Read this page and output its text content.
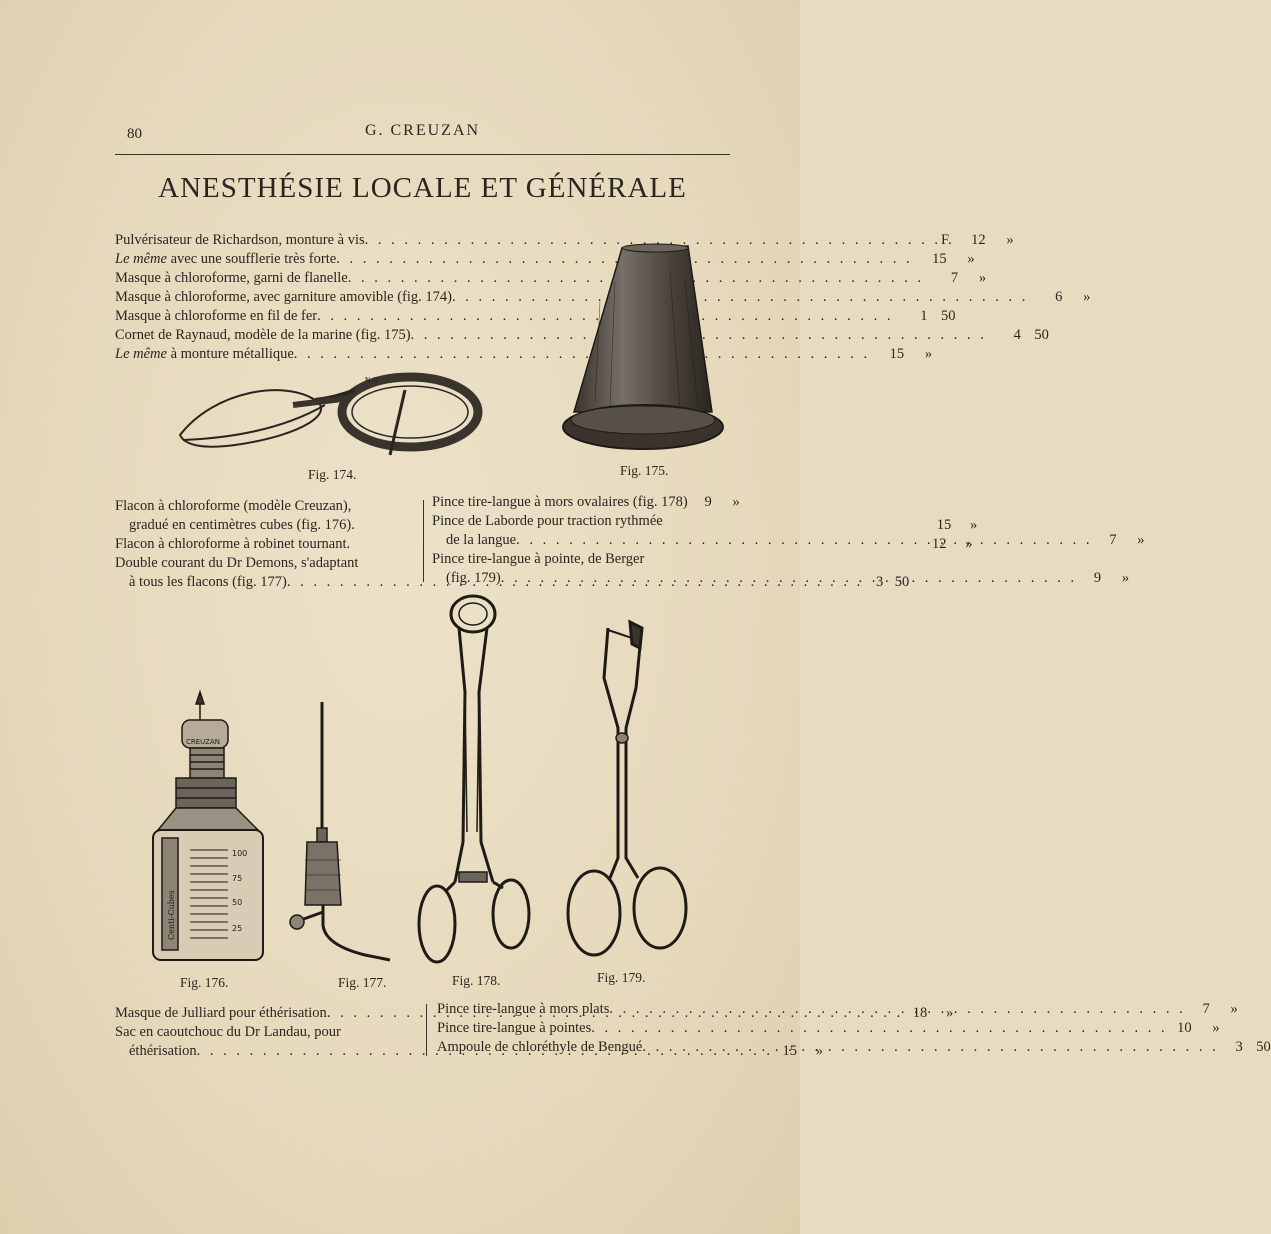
80	G. CREUZAN
ANESTHÉSIE LOCALE ET GÉNÉRALE
Pulvérisateur de Richardson, monture à vis . . .	F.	12	»
Le même avec une soufflerie très forte . . .	15	»
Masque à chloroforme, garni de flanelle . . .	7	»
Masque à chloroforme, avec garniture amovible (fig. 174) . . .	6	»
Masque à chloroforme en fil de fer . . .	1 50
Cornet de Raynaud, modèle de la marine (fig. 175) . . .	4 50
Le même à monture métallique . . .	15	»
N.O
Fig. 174.	Fig. 175.
Flacon à chloroforme (modèle Creuzan),
gradué en centimètres cubes (fig. 176).	15	»
Flacon à chloroforme à robinet tournant.	12	»
Double courant du Dr Demons, s'adaptant
à tous les flacons (fig. 177) . . .	3 50
Pince tire-langue à mors ovalaires (fig. 178)	9	»
Pince de Laborde pour traction rythmée
de la langue . . .	7	»
Pince tire-langue à pointe, de Berger
(fig. 179) . . .	9	»
CREUZAN
Centi-Cubes
100
75
50
25
Fig. 176.	Fig. 177.	Fig. 178.	Fig. 179.
Masque de Julliard pour éthérisation . . .	18	»
Sac en caoutchouc du Dr Landau, pour
éthérisation . . .	15	»
Pince tire-langue à mors plats . . .	7	»
Pince tire-langue à pointes . . .	10	»
Ampoule de chloréthyle de Bengué . . .	3 50
